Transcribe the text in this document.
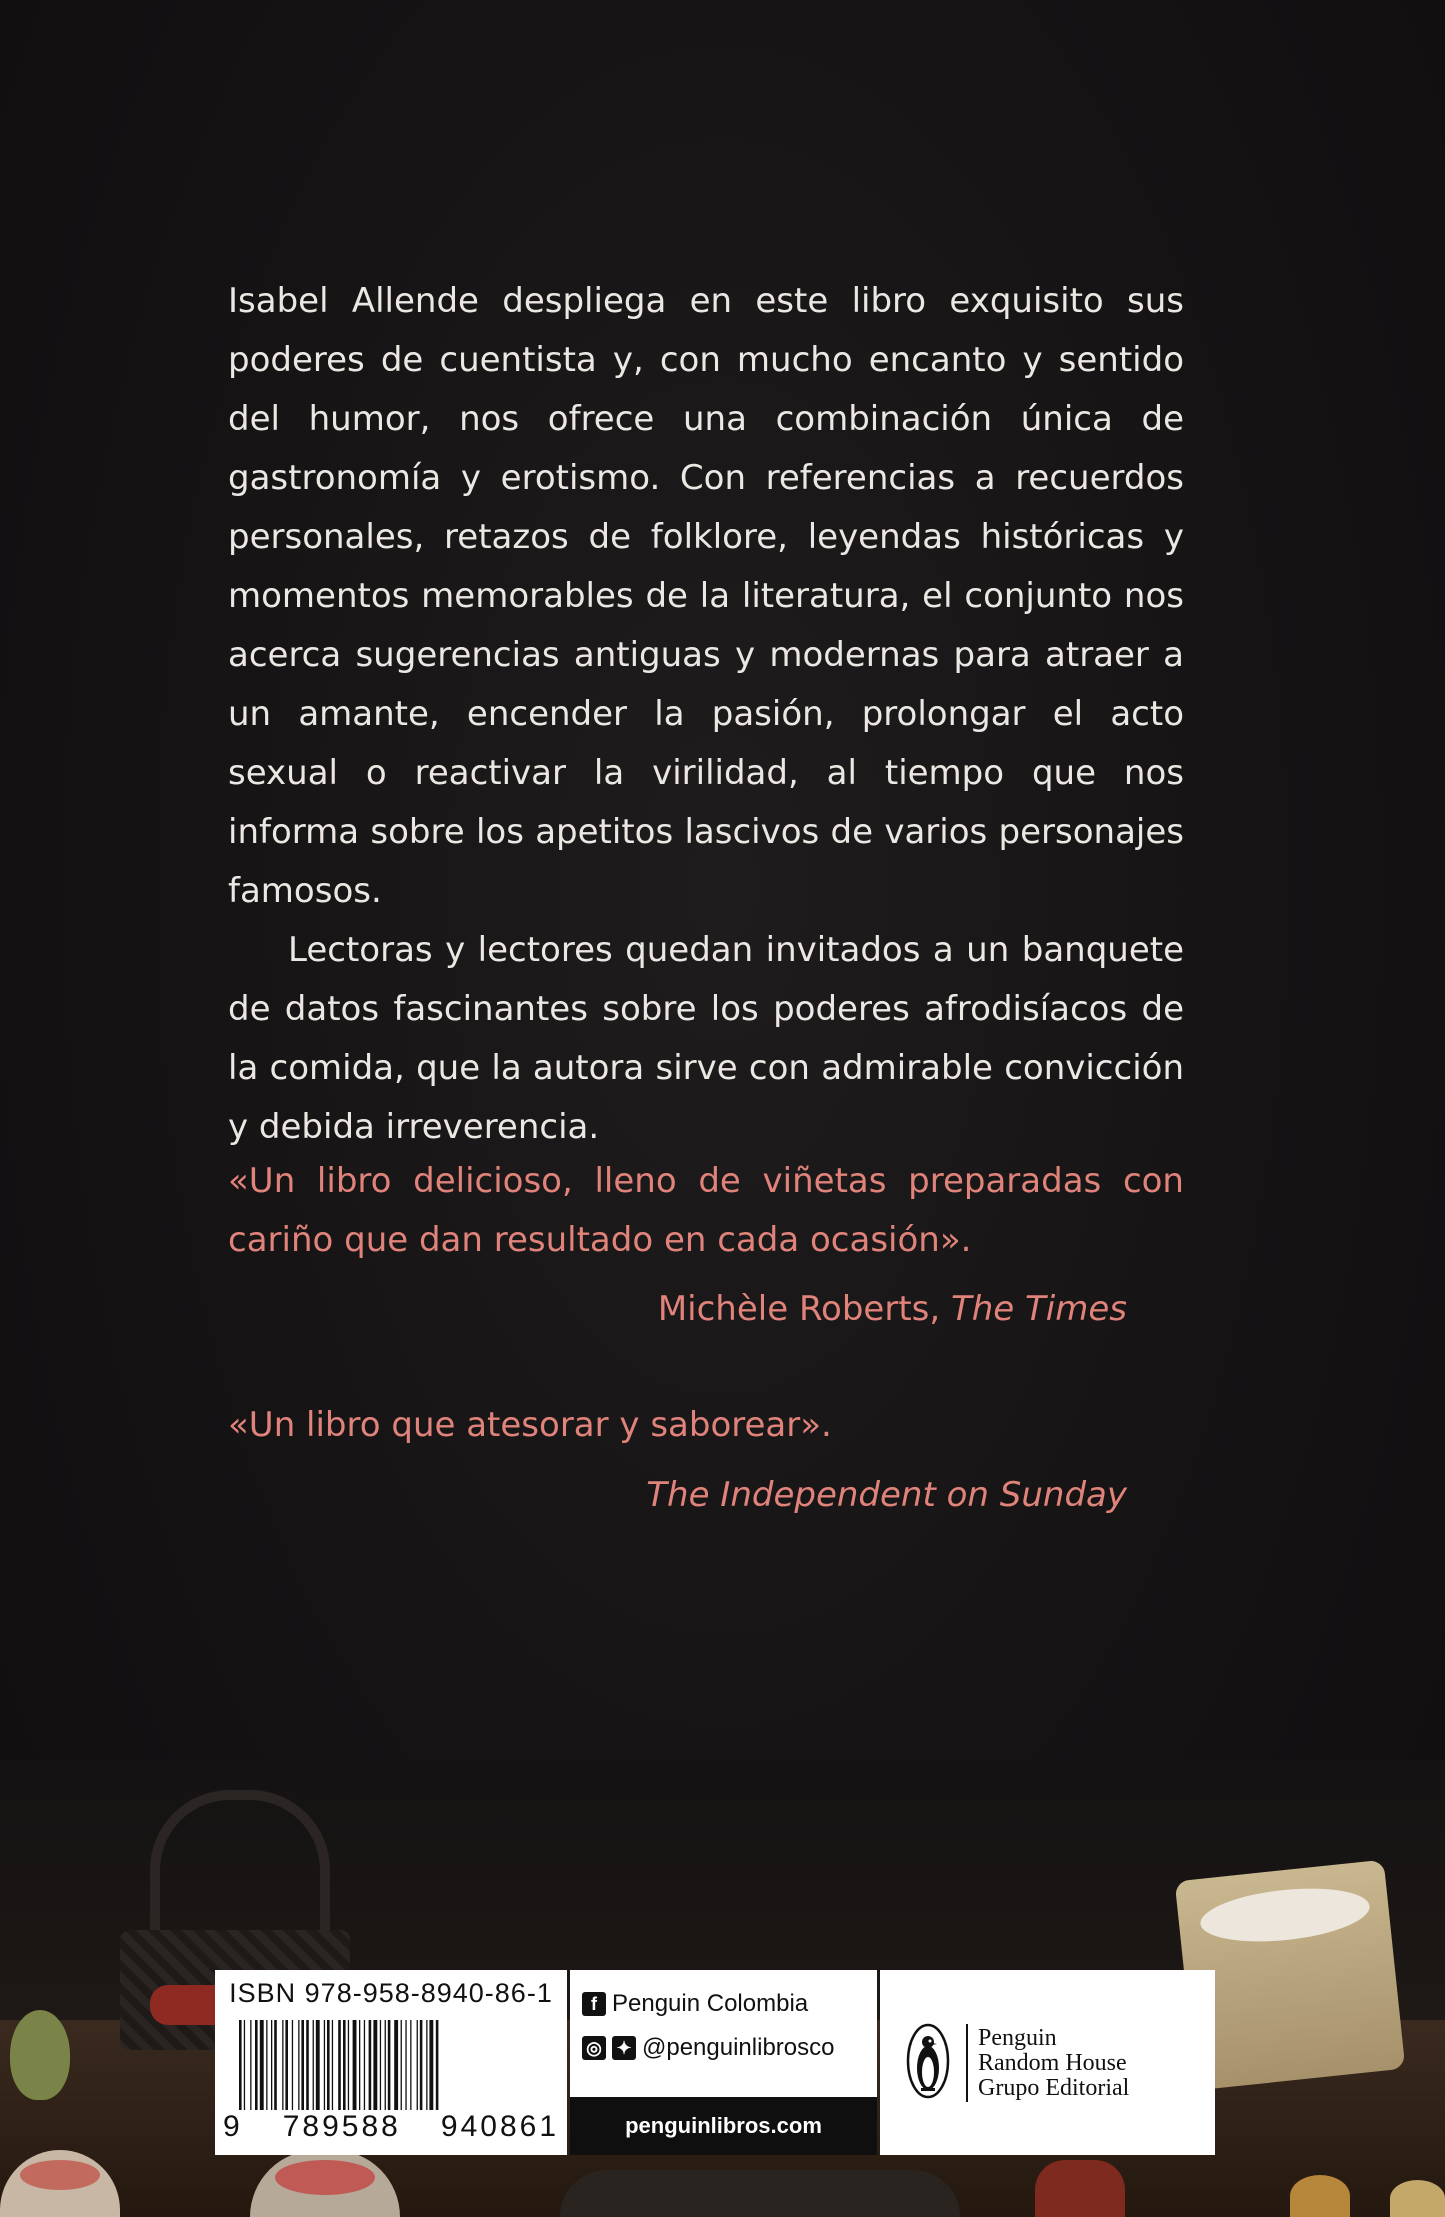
Isabel Allende despliega en este libro exquisito sus poderes de cuentista y, con mucho encanto y sentido del humor, nos ofrece una combinación única de gastronomía y erotismo. Con referencias a recuerdos personales, retazos de folklore, leyendas históricas y momentos memorables de la literatura, el conjunto nos acerca sugerencias antiguas y modernas para atraer a un amante, encender la pasión, prolongar el acto sexual o reactivar la virilidad, al tiempo que nos informa sobre los apetitos lascivos de varios personajes famosos.

Lectoras y lectores quedan invitados a un banquete de datos fascinantes sobre los poderes afrodisíacos de la comida, que la autora sirve con admirable convicción y debida irreverencia.

«Un libro delicioso, lleno de viñetas preparadas con cariño que dan resultado en cada ocasión».

Michèle Roberts, The Times

«Un libro que atesorar y saborear».

The Independent on Sunday
ISBN 978-958-8940-86-1
9 789588 940861
f Penguin Colombia
◎ ✦ @penguinlibrosco
penguinlibros.com
Penguin
Random House
Grupo Editorial
